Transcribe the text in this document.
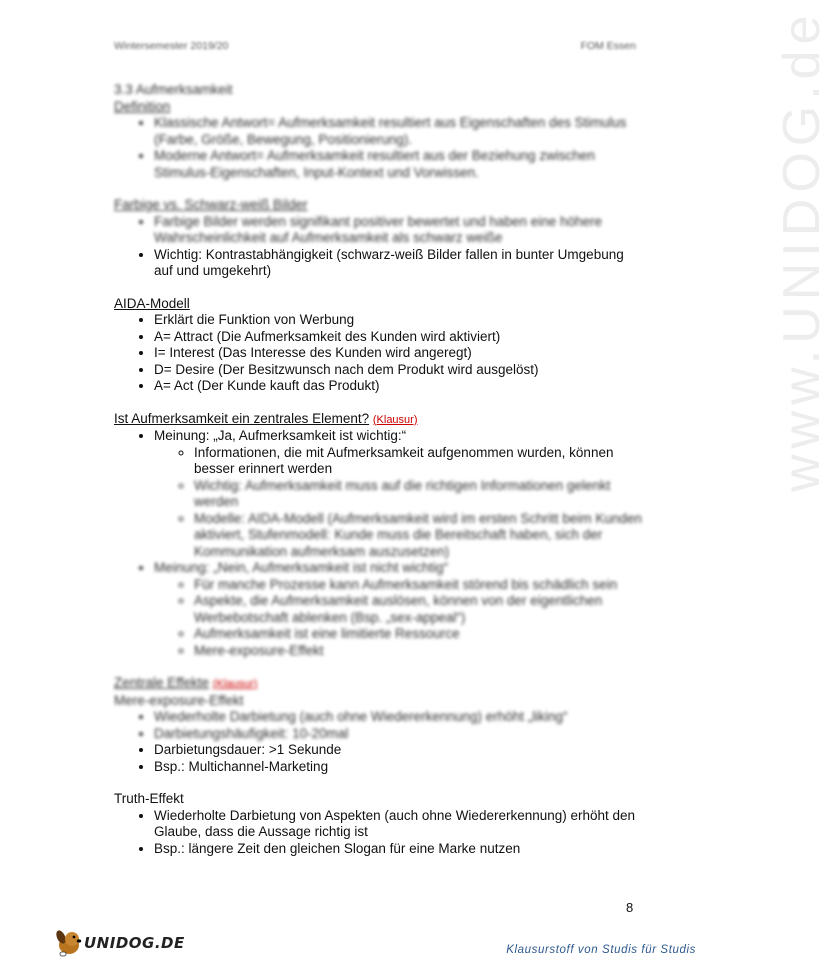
Wintersemester 2019/20	FOM Essen	www.UNIDOG.de
3.3 Aufmerksamkeit
Definition
• Klassische Antwort= Aufmerksamkeit resultiert aus Eigenschaften des Stimulus (Farbe, Größe, Bewegung, Positionierung).
• Moderne Antwort= Aufmerksamkeit resultiert aus der Beziehung zwischen Stimulus-Eigenschaften, Input-Kontext und Vorwissen.
Farbige vs. Schwarz-weiß Bilder
• Farbige Bilder werden signifikant positiver bewertet und haben eine höhere Wahrscheinlichkeit auf Aufmerksamkeit als schwarz weiße
• Wichtig: Kontrastabhängigkeit (schwarz-weiß Bilder fallen in bunter Umgebung auf und umgekehrt)
AIDA-Modell
• Erklärt die Funktion von Werbung
• A= Attract (Die Aufmerksamkeit des Kunden wird aktiviert)
• I= Interest (Das Interesse des Kunden wird angeregt)
• D= Desire (Der Besitzwunsch nach dem Produkt wird ausgelöst)
• A= Act (Der Kunde kauft das Produkt)
Ist Aufmerksamkeit ein zentrales Element? (Klausur)
• Meinung: „Ja, Aufmerksamkeit ist wichtig:“
◦ Informationen, die mit Aufmerksamkeit aufgenommen wurden, können besser erinnert werden
◦ Wichtig: Aufmerksamkeit muss auf die richtigen Informationen gelenkt werden
◦ Modelle: AIDA-Modell (Aufmerksamkeit wird im ersten Schritt beim Kunden aktiviert, Stufenmodell: Kunde muss die Bereitschaft haben, sich der Kommunikation aufmerksam auszusetzen)
• Meinung: „Nein, Aufmerksamkeit ist nicht wichtig“
◦ Für manche Prozesse kann Aufmerksamkeit störend bis schädlich sein
◦ Aspekte, die Aufmerksamkeit auslösen, können von der eigentlichen Werbebotschaft ablenken (Bsp. „sex-appeal“)
◦ Aufmerksamkeit ist eine limitierte Ressource
◦ Mere-exposure-Effekt
Zentrale Effekte (Klausur)
Mere-exposure-Effekt
• Wiederholte Darbietung (auch ohne Wiedererkennung) erhöht „liking“
• Darbietungshäufigkeit: 10-20mal
• Darbietungsdauer: >1 Sekunde
• Bsp.: Multichannel-Marketing
Truth-Effekt
• Wiederholte Darbietung von Aspekten (auch ohne Wiedererkennung) erhöht den Glaube, dass die Aussage richtig ist
• Bsp.: längere Zeit den gleichen Slogan für eine Marke nutzen
8
UNIDOG.DE	Klausurstoff von Studis für Studis
